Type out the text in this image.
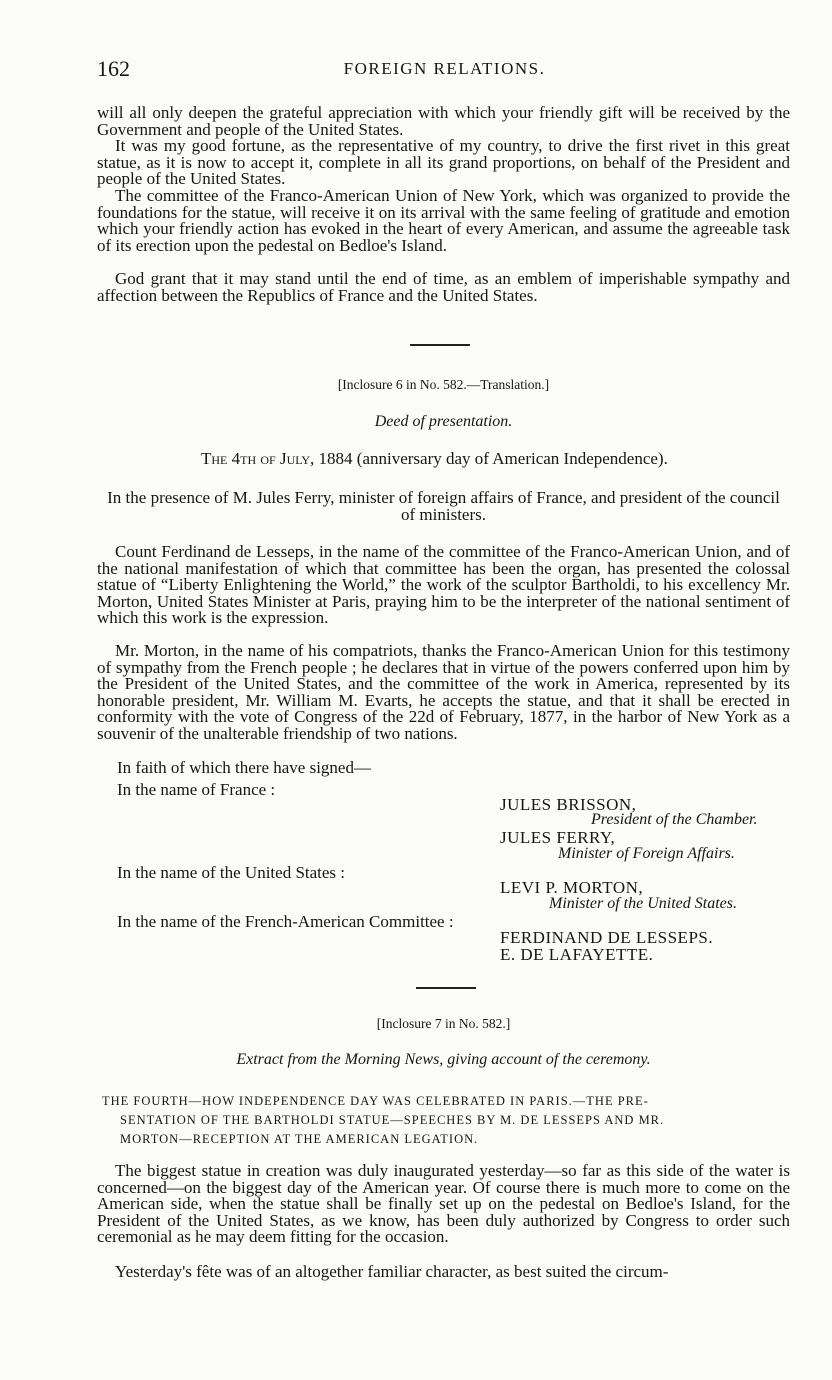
162	FOREIGN RELATIONS.

will all only deepen the grateful appreciation with which your friendly gift will be received by the Government and people of the United States.

It was my good fortune, as the representative of my country, to drive the first rivet in this great statue, as it is now to accept it, complete in all its grand proportions, on behalf of the President and people of the United States.

The committee of the Franco-American Union of New York, which was organized to provide the foundations for the statue, will receive it on its arrival with the same feeling of gratitude and emotion which your friendly action has evoked in the heart of every American, and assume the agreeable task of its erection upon the pedestal on Bedloe's Island.

God grant that it may stand until the end of time, as an emblem of imperishable sympathy and affection between the Republics of France and the United States.

[Inclosure 6 in No. 582.—Translation.]

Deed of presentation.

The 4th of July, 1884 (anniversary day of American Independence).

In the presence of M. Jules Ferry, minister of foreign affairs of France, and president of the council of ministers.

Count Ferdinand de Lesseps, in the name of the committee of the Franco-American Union, and of the national manifestation of which that committee has been the organ, has presented the colossal statue of “Liberty Enlightening the World,” the work of the sculptor Bartholdi, to his excellency Mr. Morton, United States Minister at Paris, praying him to be the interpreter of the national sentiment of which this work is the expression.

Mr. Morton, in the name of his compatriots, thanks the Franco-American Union for this testimony of sympathy from the French people ; he declares that in virtue of the powers conferred upon him by the President of the United States, and the committee of the work in America, represented by its honorable president, Mr. William M. Evarts, he accepts the statue, and that it shall be erected in conformity with the vote of Congress of the 22d of February, 1877, in the harbor of New York as a souvenir of the unalterable friendship of two nations.

In faith of which there have signed—

In the name of France :

JULES BRISSON,

President of the Chamber.

JULES FERRY,

Minister of Foreign Affairs.

In the name of the United States :

LEVI P. MORTON,

Minister of the United States.

In the name of the French-American Committee :

FERDINAND DE LESSEPS.

E. DE LAFAYETTE.

[Inclosure 7 in No. 582.]

Extract from the Morning News, giving account of the ceremony.

THE FOURTH—HOW INDEPENDENCE DAY WAS CELEBRATED IN PARIS.—THE PRE-
SENTATION OF THE BARTHOLDI STATUE—SPEECHES BY M. DE LESSEPS AND MR.
MORTON—RECEPTION AT THE AMERICAN LEGATION.

The biggest statue in creation was duly inaugurated yesterday—so far as this side of the water is concerned—on the biggest day of the American year. Of course there is much more to come on the American side, when the statue shall be finally set up on the pedestal on Bedloe's Island, for the President of the United States, as we know, has been duly authorized by Congress to order such ceremonial as he may deem fitting for the occasion.

Yesterday's fête was of an altogether familiar character, as best suited the circum-
